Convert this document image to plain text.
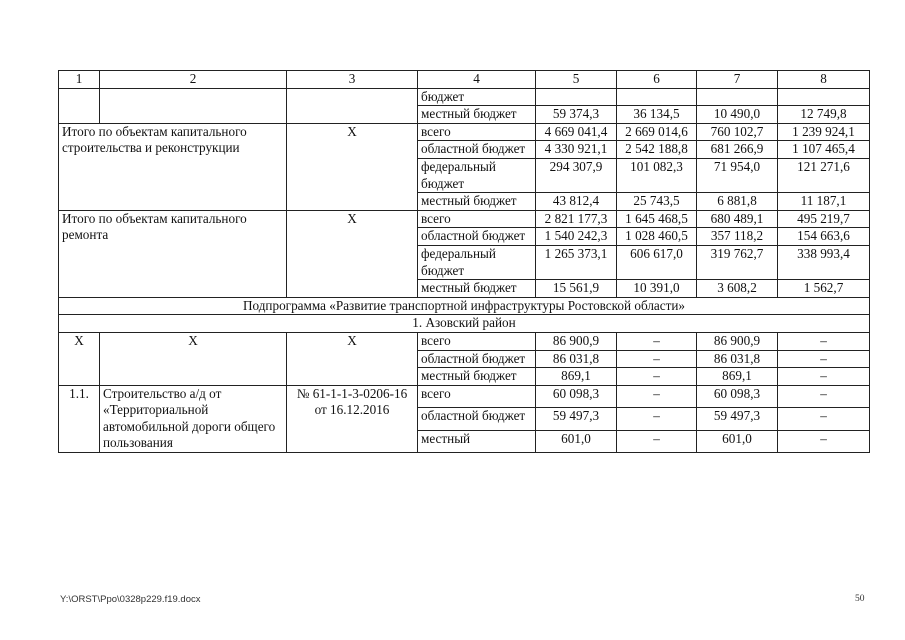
1	2	3	4	5	6	7	8
			бюджет				
			местный бюджет	59 374,3	36 134,5	10 490,0	12 749,8
Итого по объектам капитального строительства и реконструкции		Х	всего	4 669 041,4	2 669 014,6	760 102,7	1 239 924,1
			областной бюджет	4 330 921,1	2 542 188,8	681 266,9	1 107 465,4
			федеральный бюджет	294 307,9	101 082,3	71 954,0	121 271,6
			местный бюджет	43 812,4	25 743,5	6 881,8	11 187,1
Итого по объектам капитального ремонта		Х	всего	2 821 177,3	1 645 468,5	680 489,1	495 219,7
			областной бюджет	1 540 242,3	1 028 460,5	357 118,2	154 663,6
			федеральный бюджет	1 265 373,1	606 617,0	319 762,7	338 993,4
			местный бюджет	15 561,9	10 391,0	3 608,2	1 562,7
Подпрограмма «Развитие транспортной инфраструктуры Ростовской области»							
1. Азовский район							
Х	Х	Х	всего	86 900,9	–	86 900,9	–
			областной бюджет	86 031,8	–	86 031,8	–
			местный бюджет	869,1	–	869,1	–
1.1.	Строительство а/д от «Территориальной автомобильной дороги общего пользования	№ 61-1-1-3-0206-16 от 16.12.2016	всего	60 098,3	–	60 098,3	–
			областной бюджет	59 497,3	–	59 497,3	–
			местный	601,0	–	601,0	–
Y:\ORST\Ppo\0328p229.f19.docx	50
